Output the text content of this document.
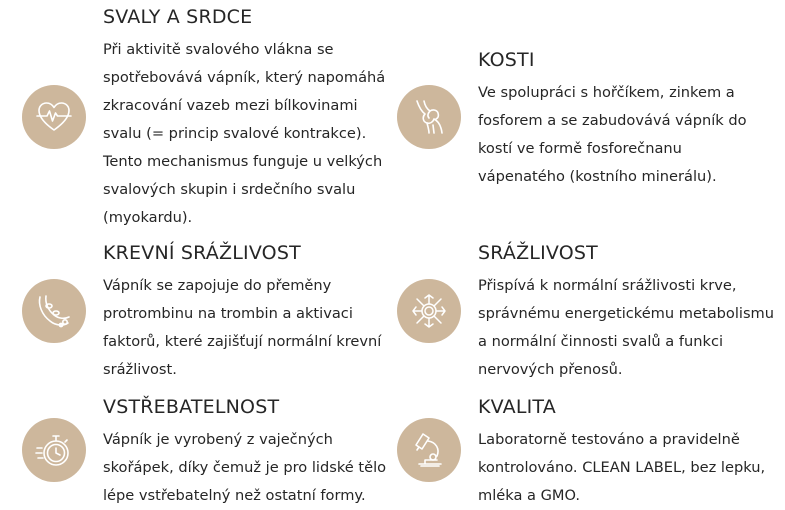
SVALY A SRDCE
Při aktivitě svalového vlákna se spotřebovává vápník, který napomáhá zkracování vazeb mezi bílkovinami svalu (= princip svalové kontrakce). Tento mechanismus funguje u velkých svalových skupin i srdečního svalu (myokardu).
KOSTI
Ve spolupráci s hořčíkem, zinkem a fosforem a se zabudovává vápník do kostí ve formě fosforečnanu vápenatého (kostního minerálu).
KREVNÍ SRÁŽLIVOST
Vápník se zapojuje do přeměny protrombinu na trombin a aktivaci faktorů, které zajišťují normální krevní srážlivost.
SRÁŽLIVOST
Přispívá k normální srážlivosti krve, správnému energetickému metabolismu a normální činnosti svalů a funkci nervových přenosů.
VSTŘEBATELNOST
Vápník je vyrobený z vaječných skořápek, díky čemuž je pro lidské tělo lépe vstřebatelný než ostatní formy.
KVALITA
Laboratorně testováno a pravidelně kontrolováno. CLEAN LABEL, bez lepku, mléka a GMO.
